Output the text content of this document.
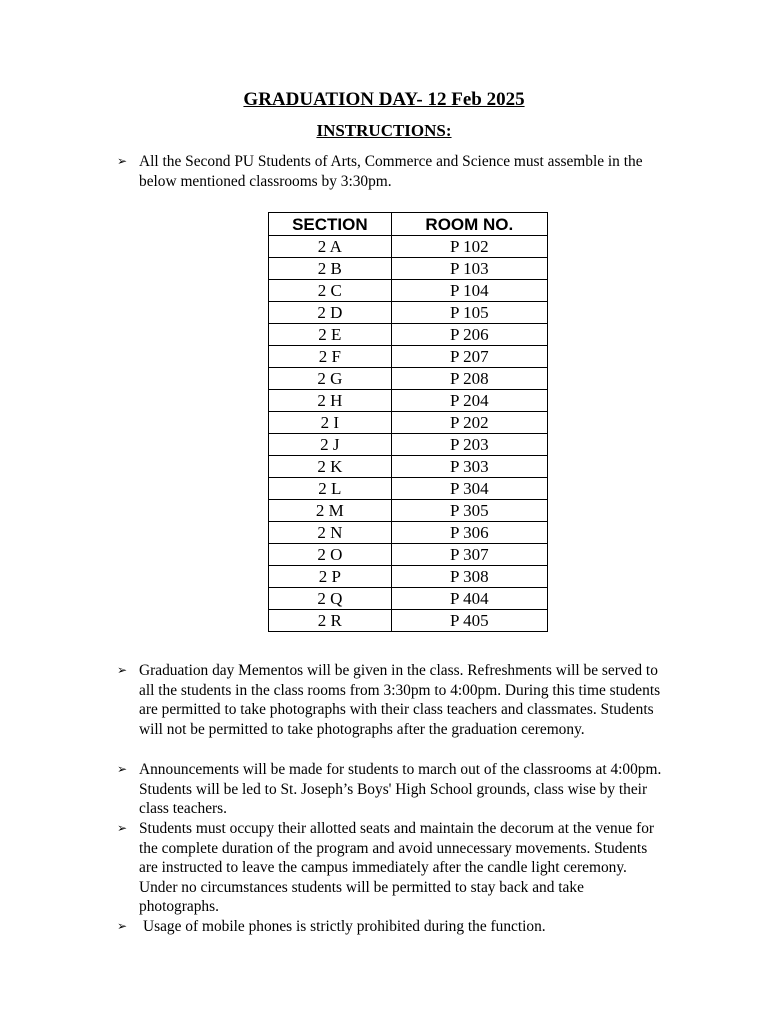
GRADUATION DAY- 12 Feb 2025
INSTRUCTIONS:
➢ All the Second PU Students of Arts, Commerce and Science must assemble in the below mentioned classrooms by 3:30pm.
SECTION	ROOM NO.
2 A	P 102
2 B	P 103
2 C	P 104
2 D	P 105
2 E	P 206
2 F	P 207
2 G	P 208
2 H	P 204
2 I	P 202
2 J	P 203
2 K	P 303
2 L	P 304
2 M	P 305
2 N	P 306
2 O	P 307
2 P	P 308
2 Q	P 404
2 R	P 405
➢ Graduation day Mementos will be given in the class. Refreshments will be served to all the students in the class rooms from 3:30pm to 4:00pm. During this time students are permitted to take photographs with their class teachers and classmates. Students will not be permitted to take photographs after the graduation ceremony.
➢ Announcements will be made for students to march out of the classrooms at 4:00pm. Students will be led to St. Joseph’s Boys' High School grounds, class wise by their class teachers.
➢ Students must occupy their allotted seats and maintain the decorum at the venue for the complete duration of the program and avoid unnecessary movements. Students are instructed to leave the campus immediately after the candle light ceremony. Under no circumstances students will be permitted to stay back and take photographs.
➢	Usage of mobile phones is strictly prohibited during the function.
